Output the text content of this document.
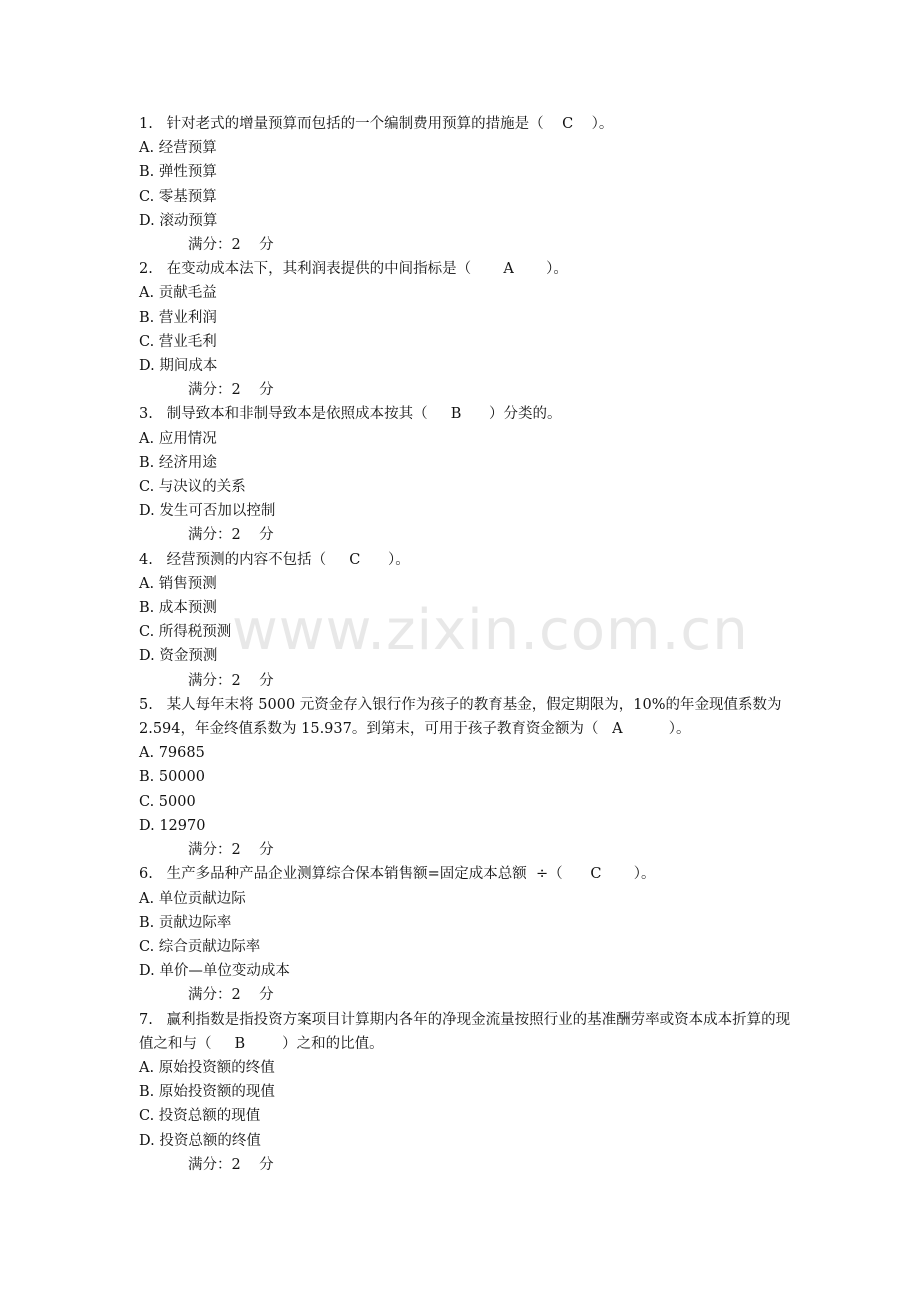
1.   针对老式的增量预算而包括的一个编制费用预算的措施是（    C    ）。
A. 经营预算
B. 弹性预算
C. 零基预算
D. 滚动预算
满分：2    分
2.   在变动成本法下，其利润表提供的中间指标是（       A       ）。
A. 贡献毛益
B. 营业利润
C. 营业毛利
D. 期间成本
满分：2    分
3.   制导致本和非制导致本是依照成本按其（     B      ）分类的。
A. 应用情况
B. 经济用途
C. 与决议的关系
D. 发生可否加以控制
满分：2    分
4.   经营预测的内容不包括（     C      ）。
A. 销售预测
B. 成本预测
C. 所得税预测
D. 资金预测
满分：2    分
5.   某人每年末将 5000 元资金存入银行作为孩子的教育基金，假定期限为，10%的年金现值系数为 2.594，年金终值系数为 15.937。到第末，可用于孩子教育资金额为（   A          ）。
A. 79685
B. 50000
C. 5000
D. 12970
满分：2    分
6.   生产多品种产品企业测算综合保本销售额=固定成本总额  ÷（      C       ）。
A. 单位贡献边际
B. 贡献边际率
C. 综合贡献边际率
D. 单价—单位变动成本
满分：2    分
7.   赢利指数是指投资方案项目计算期内各年的净现金流量按照行业的基准酬劳率或资本成本折算的现值之和与（     B        ）之和的比值。
A. 原始投资额的终值
B. 原始投资额的现值
C. 投资总额的现值
D. 投资总额的终值
满分：2    分
www.zixin.com.cn
